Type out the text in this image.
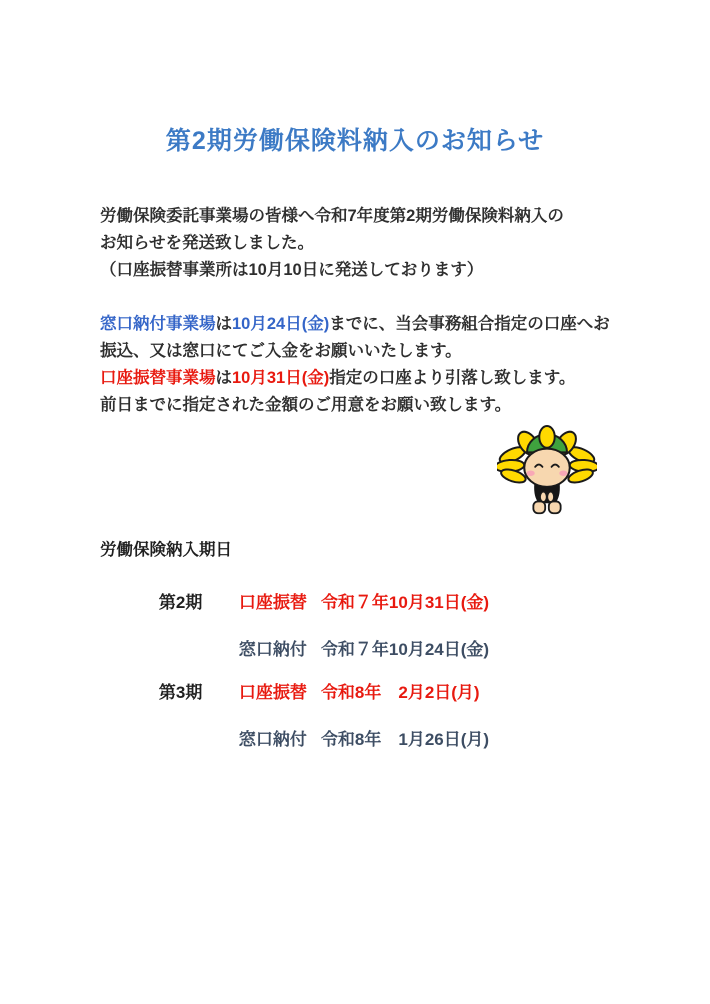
第2期労働保険料納入のお知らせ
労働保険委託事業場の皆様へ令和7年度第2期労働保険料納入の
お知らせを発送致しました。
（口座振替事業所は10月10日に発送しております）
窓口納付事業場は10月24日(金)までに、当会事務組合指定の口座へお
振込、又は窓口にてご入金をお願いいたします。
口座振替事業場は10月31日(金)指定の口座より引落し致します。
前日までに指定された金額のご用意をお願い致します。
労働保険納入期日

第2期 口座振替 令和７年10月31日(金)

窓口納付 令和７年10月24日(金)

第3期 口座振替 令和8年　2月2日(月)

窓口納付 令和8年　1月26日(月)
